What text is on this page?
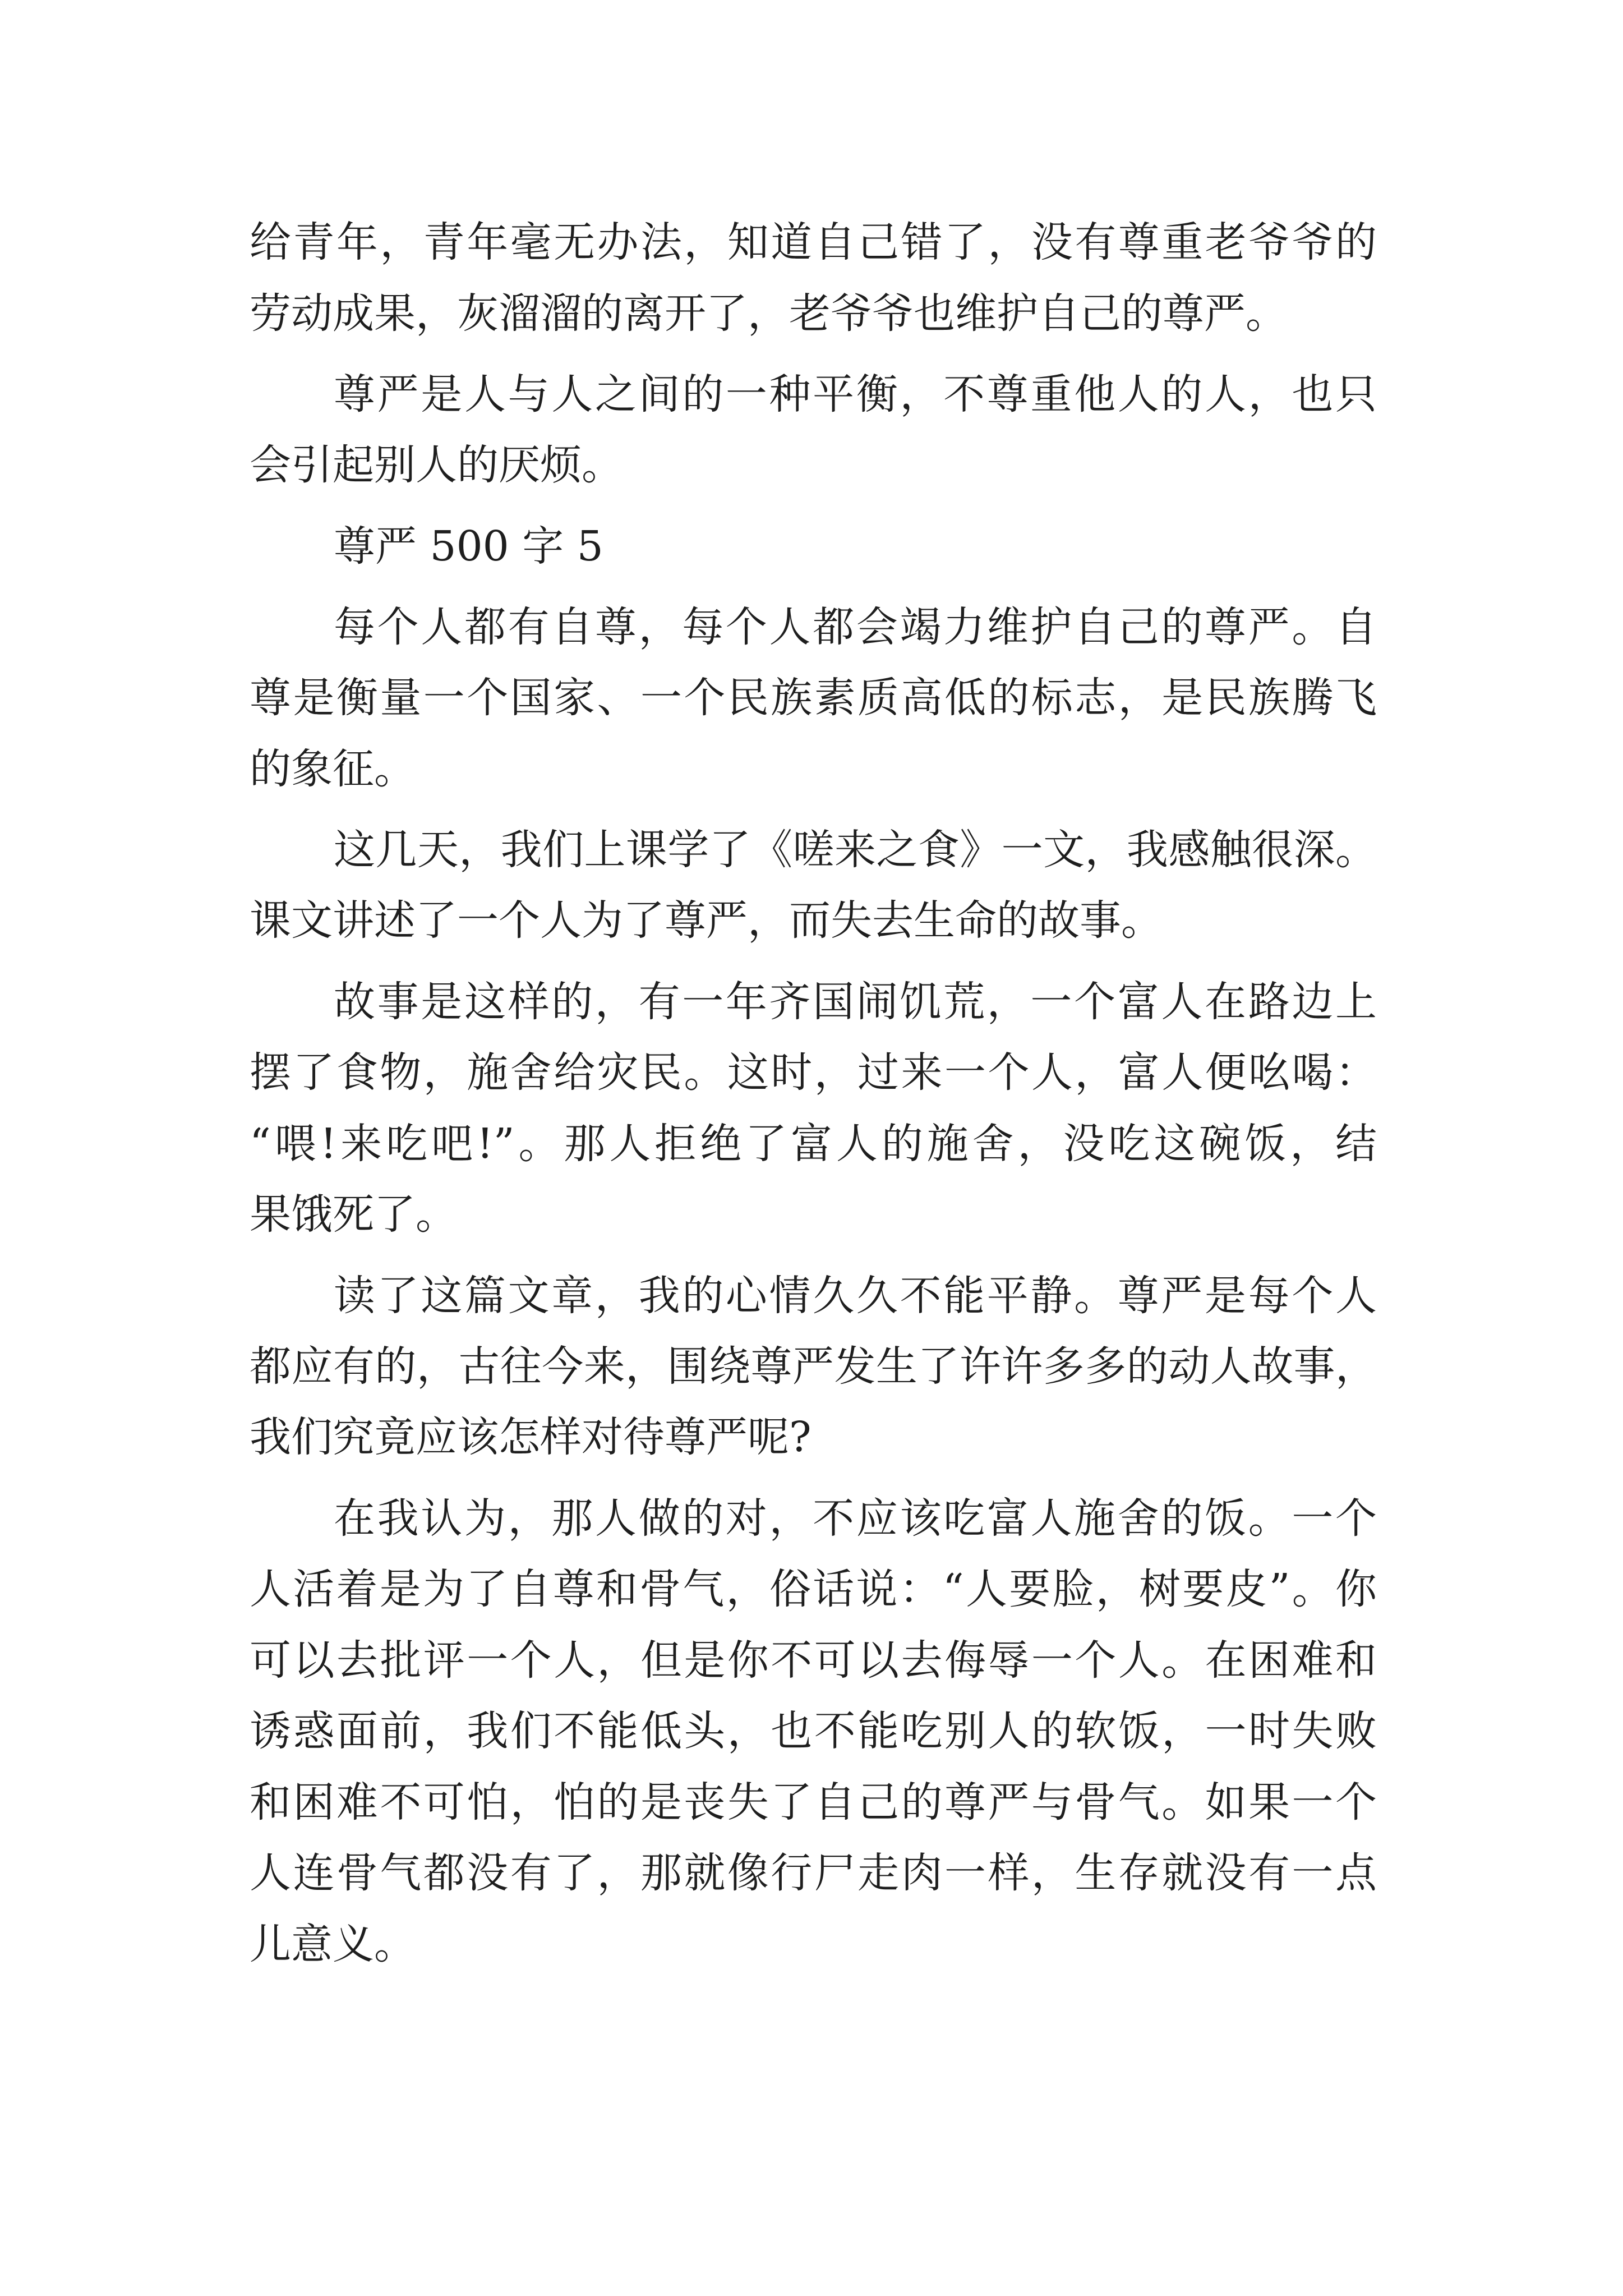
给青年，青年毫无办法，知道自己错了，没有尊重老爷爷的
劳动成果，灰溜溜的离开了，老爷爷也维护自己的尊严。
尊严是人与人之间的一种平衡，不尊重他人的人，也只
会引起别人的厌烦。
尊严 500 字 5
每个人都有自尊，每个人都会竭力维护自己的尊严。自
尊是衡量一个国家、一个民族素质高低的标志，是民族腾飞
的象征。
这几天，我们上课学了《嗟来之食》一文，我感触很深。
课文讲述了一个人为了尊严，而失去生命的故事。
故事是这样的，有一年齐国闹饥荒，一个富人在路边上
摆了食物，施舍给灾民。这时，过来一个人，富人便吆喝：
“喂!来吃吧!”。那人拒绝了富人的施舍，没吃这碗饭，结
果饿死了。
读了这篇文章，我的心情久久不能平静。尊严是每个人
都应有的，古往今来，围绕尊严发生了许许多多的动人故事，
我们究竟应该怎样对待尊严呢?
在我认为，那人做的对，不应该吃富人施舍的饭。一个
人活着是为了自尊和骨气，俗话说：“人要脸，树要皮”。你
可以去批评一个人，但是你不可以去侮辱一个人。在困难和
诱惑面前，我们不能低头，也不能吃别人的软饭，一时失败
和困难不可怕，怕的是丧失了自己的尊严与骨气。如果一个
人连骨气都没有了，那就像行尸走肉一样，生存就没有一点
儿意义。
